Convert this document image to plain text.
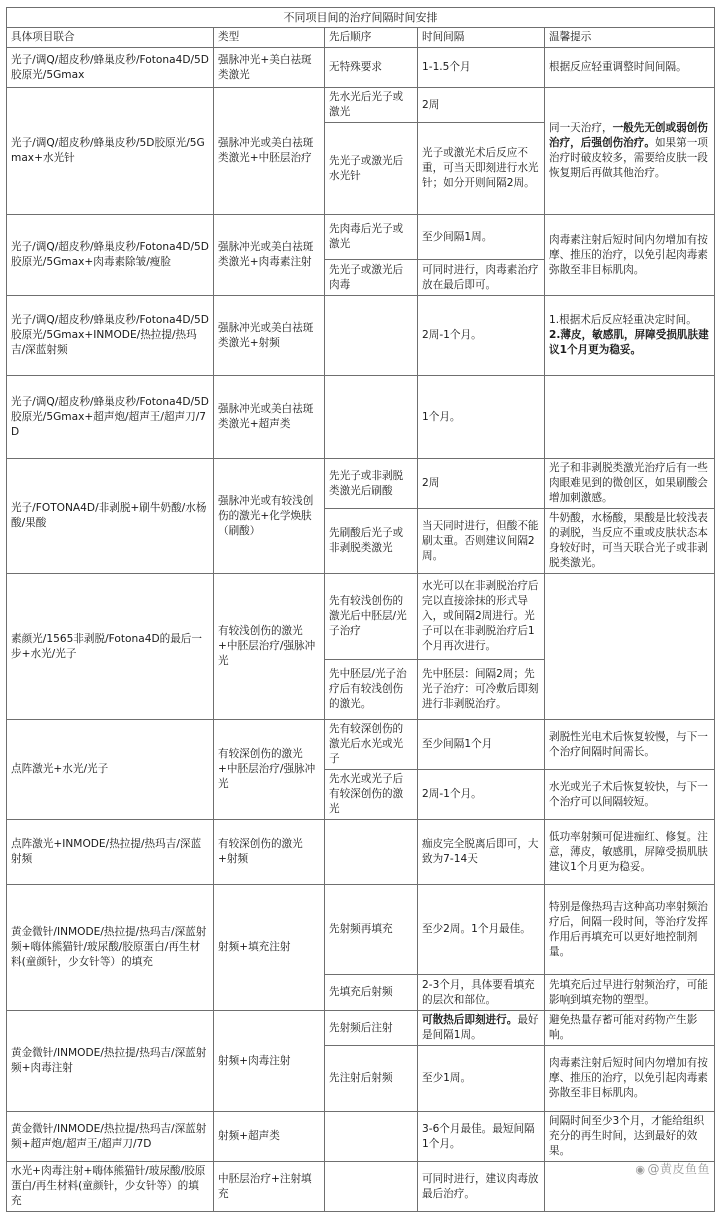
不同项目间的治疗间隔时间安排				
具体项目联合	类型	先后顺序	时间间隔	温馨提示
光子/调Q/超皮秒/蜂巢皮秒/Fotona4D/5D胶原光/5Gmax	强脉冲光+美白祛斑类激光	无特殊要求	1-1.5个月	根据反应轻重调整时间间隔。
光子/调Q/超皮秒/蜂巢皮秒/5D胶原光/5Gmax+水光针	强脉冲光或美白祛斑类激光+中胚层治疗	先水光后光子或激光	2周	同一天治疗，一般先无创或弱创伤治疗，后强创伤治疗。如果第一项治疗时破皮较多，需要给皮肤一段恢复期后再做其他治疗。
		先光子或激光后水光针	光子或激光术后反应不重，可当天即刻进行水光针；如分开则间隔2周。	
光子/调Q/超皮秒/蜂巢皮秒/Fotona4D/5D胶原光/5Gmax+肉毒素除皱/瘦脸	强脉冲光或美白祛斑类激光+肉毒素注射	先肉毒后光子或激光	至少间隔1周。	肉毒素注射后短时间内勿增加有按摩、推压的治疗，以免引起肉毒素弥散至非目标肌肉。
		先光子或激光后肉毒	可同时进行，肉毒素治疗放在最后即可。	
光子/调Q/超皮秒/蜂巢皮秒/Fotona4D/5D胶原光/5Gmax+INMODE/热拉提/热玛吉/深蓝射频	强脉冲光或美白祛斑类激光+射频		2周-1个月。	1.根据术后反应轻重决定时间。
2.薄皮，敏感肌，屏障受损肌肤建议1个月更为稳妥。

光子/调Q/超皮秒/蜂巢皮秒/Fotona4D/5D胶原光/5Gmax+超声炮/超声王/超声刀/7D	强脉冲光或美白祛斑类激光+超声类		1个月。	
光子/FOTONA4D/非剥脱+刷牛奶酸/水杨酸/果酸	强脉冲光或有较浅创伤的激光+化学焕肤（刷酸）	先光子或非剥脱类激光后刷酸	2周	光子和非剥脱类激光治疗后有一些肉眼难见到的微创区，如果刷酸会增加刺激感。
		先刷酸后光子或非剥脱类激光	当天同时进行，但酸不能刷太重。否则建议间隔2周。	牛奶酸，水杨酸，果酸是比较浅表的剥脱，当反应不重或皮肤状态本身较好时，可当天联合光子或非剥脱类激光。
素颜光/1565非剥脱/Fotona4D的最后一步+水光/光子	有较浅创伤的激光+中胚层治疗/强脉冲光	先有较浅创伤的激光后中胚层/光子治疗	水光可以在非剥脱治疗后完以直接涂抹的形式导入，或间隔2周进行。光子可以在非剥脱治疗后1个月再次进行。	
		先中胚层/光子治疗后有较浅创伤的激光。	先中胚层：间隔2周；先光子治疗：可冷敷后即刻进行非剥脱治疗。	
点阵激光+水光/光子	有较深创伤的激光+中胚层治疗/强脉冲光	先有较深创伤的激光后水光或光子	至少间隔1个月	剥脱性光电术后恢复较慢，与下一个治疗间隔时间需长。
		先水光或光子后有较深创伤的激光	2周-1个月。	水光或光子术后恢复较快，与下一个治疗可以间隔较短。
点阵激光+INMODE/热拉提/热玛吉/深蓝射频	有较深创伤的激光+射频		痂皮完全脱离后即可，大致为7-14天	低功率射频可促进痂红、修复。注意，薄皮，敏感肌，屏障受损肌肤建议1个月更为稳妥。
黄金微针/INMODE/热拉提/热玛吉/深蓝射频+嗨体熊猫针/玻尿酸/胶原蛋白/再生材料(童颜针，少女针等）的填充	射频+填充注射	先射频再填充	至少2周。1个月最佳。	特别是像热玛吉这种高功率射频治疗后，间隔一段时间，等治疗发挥作用后再填充可以更好地控制剂量。
		先填充后射频	2-3个月，具体要看填充的层次和部位。	先填充后过早进行射频治疗，可能影响到填充物的塑型。
黄金微针/INMODE/热拉提/热玛吉/深蓝射频+肉毒注射	射频+肉毒注射	先射频后注射	可散热后即刻进行。最好是间隔1周。	避免热量存蓄可能对药物产生影响。
		先注射后射频	至少1周。	肉毒素注射后短时间内勿增加有按摩、推压的治疗，以免引起肉毒素弥散至非目标肌肉。
黄金微针/INMODE/热拉提/热玛吉/深蓝射频+超声炮/超声王/超声刀/7D	射频+超声类		3-6个月最佳。最短间隔1个月。	间隔时间至少3个月，才能给组织充分的再生时间，达到最好的效果。
水光+肉毒注射+嗨体熊猫针/玻尿酸/胶原蛋白/再生材料(童颜针，少女针等）的填充	中胚层治疗+注射填充		可同时进行，建议肉毒放最后治疗。	
◉ @黄皮鱼鱼
